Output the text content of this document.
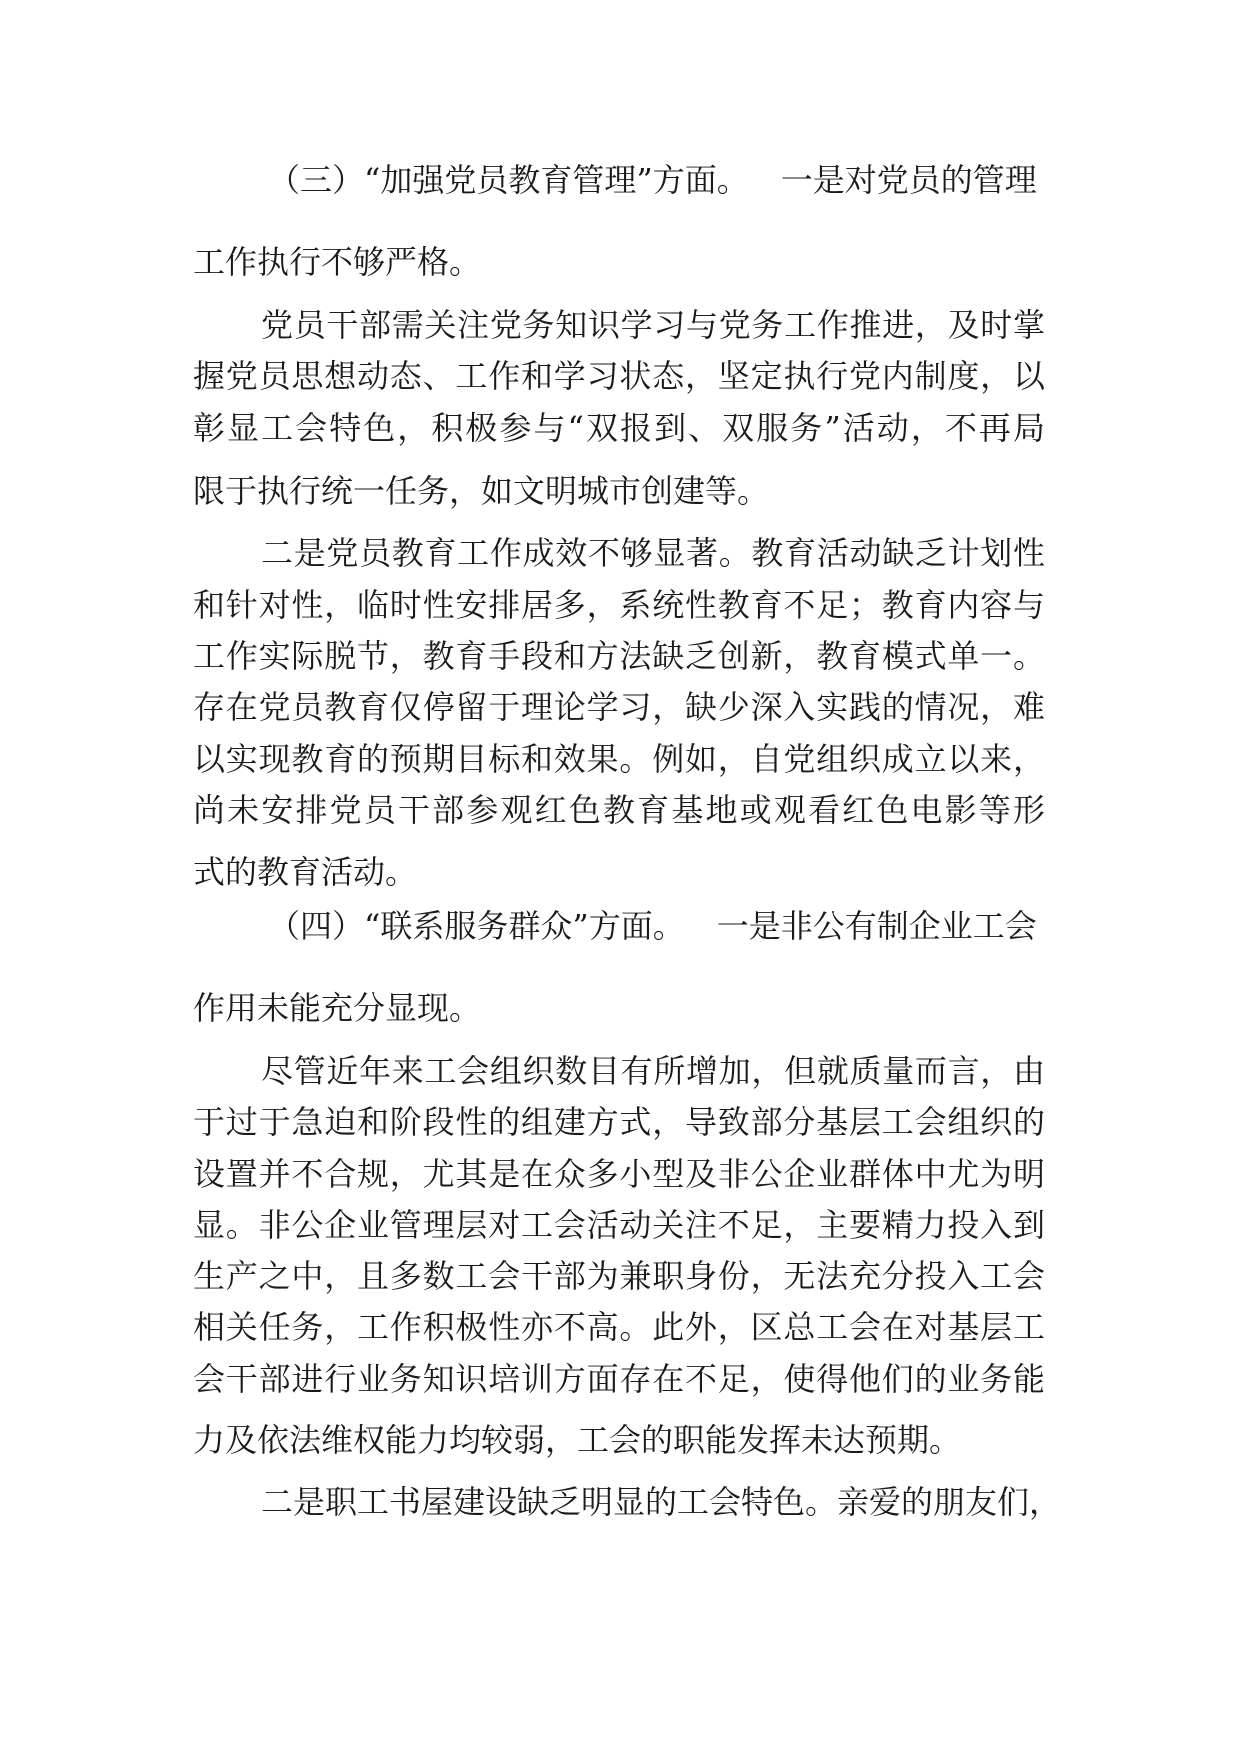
（三）“加强党员教育管理”方面。 一是对党员的管理
工作执行不够严格。
党员干部需关注党务知识学习与党务工作推进，及时掌
握党员思想动态、工作和学习状态，坚定执行党内制度，以
彰显工会特色，积极参与“双报到、双服务”活动，不再局
限于执行统一任务，如文明城市创建等。
二是党员教育工作成效不够显著。教育活动缺乏计划性
和针对性，临时性安排居多，系统性教育不足；教育内容与
工作实际脱节，教育手段和方法缺乏创新，教育模式单一。
存在党员教育仅停留于理论学习，缺少深入实践的情况，难
以实现教育的预期目标和效果。例如，自党组织成立以来，
尚未安排党员干部参观红色教育基地或观看红色电影等形
式的教育活动。
（四）“联系服务群众”方面。 一是非公有制企业工会
作用未能充分显现。
尽管近年来工会组织数目有所增加，但就质量而言，由
于过于急迫和阶段性的组建方式，导致部分基层工会组织的
设置并不合规，尤其是在众多小型及非公企业群体中尤为明
显。非公企业管理层对工会活动关注不足，主要精力投入到
生产之中，且多数工会干部为兼职身份，无法充分投入工会
相关任务，工作积极性亦不高。此外，区总工会在对基层工
会干部进行业务知识培训方面存在不足，使得他们的业务能
力及依法维权能力均较弱，工会的职能发挥未达预期。
二是职工书屋建设缺乏明显的工会特色。亲爱的朋友们，
